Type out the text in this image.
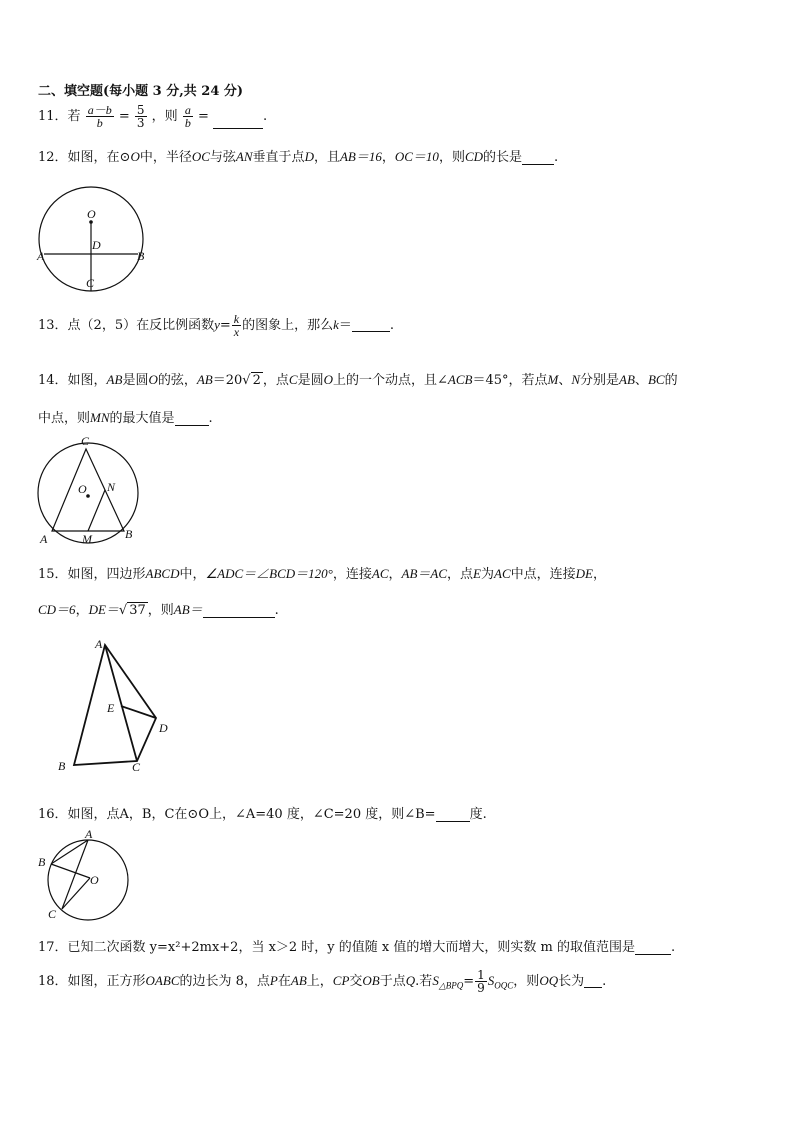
二、填空题(每小题 3 分,共 24 分)
11．若 $\frac{a-b}{b} = \frac{5}{3}$ ，则 $\frac{a}{b}$ =	.
12．如图，在⊙O中，半径OC与弦AN垂直于点D，且AB＝16，OC＝10，则CD的长是 .
O
D
A	B
C
13．点（2，5）在反比例函数$y= \frac{k}{x}$ 的图象上，那么k＝	.
14．如图，AB是圆O的弦，AB＝20√ 2 ，点C是圆O上的一个动点，且∠ACB＝45°，若点M、N分别是AB、BC的
中点，则MN的最大值是	.
C
O N
A	M	B
15．如图，四边形ABCD中，∠ADC＝∠BCD＝120°，连接AC，AB＝AC，点E为AC中点，连接DE，
CD＝6，DE＝√ 37 ，则AB＝	.
A
E
D
B	C
16．如图，点A，B，C在⊙O上，∠A=40 度，∠C=20 度，则∠B=	度.
A
B
O
C
17．已知二次函数 y=x²+2mx+2，当 x＞2 时，y 的值随 x 值的增大而增大，则实数 m 的取值范围是	.
18．如图，正方形OABC的边长为 8，点P在AB上，CP交OB于点Q.若$S_{\triangle BPQ}= \frac{1}{9} S_{OQC}$，则OQ长为 .
